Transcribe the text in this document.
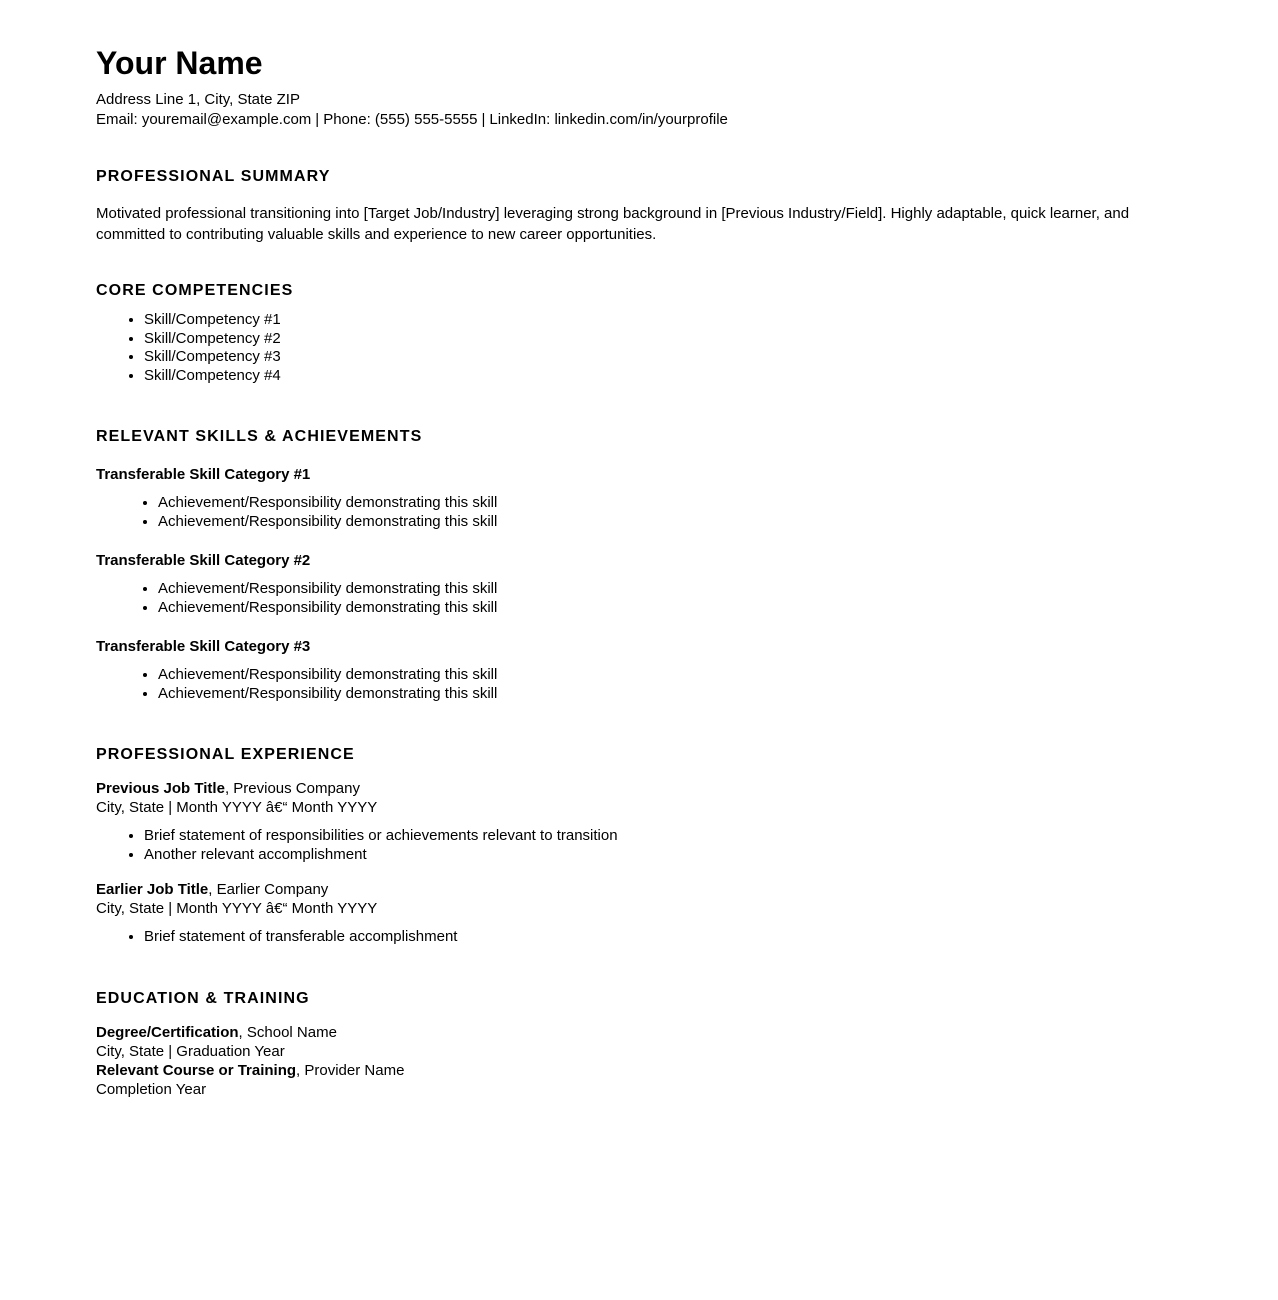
Your Name

Address Line 1, City, State ZIP

Email: youremail@example.com | Phone: (555) 555-5555 | LinkedIn: linkedin.com/in/yourprofile

PROFESSIONAL SUMMARY

Motivated professional transitioning into [Target Job/Industry] leveraging strong background in [Previous Industry/Field]. Highly adaptable, quick learner, and committed to contributing valuable skills and experience to new career opportunities.

CORE COMPETENCIES
• Skill/Competency #1
• Skill/Competency #2
• Skill/Competency #3
• Skill/Competency #4
RELEVANT SKILLS & ACHIEVEMENTS

Transferable Skill Category #1

• Achievement/Responsibility demonstrating this skill
• Achievement/Responsibility demonstrating this skill

Transferable Skill Category #2

• Achievement/Responsibility demonstrating this skill
• Achievement/Responsibility demonstrating this skill

Transferable Skill Category #3

• Achievement/Responsibility demonstrating this skill
• Achievement/Responsibility demonstrating this skill
PROFESSIONAL EXPERIENCE

Previous Job Title, Previous Company

City, State | Month YYYY â€“ Month YYYY

• Brief statement of responsibilities or achievements relevant to transition
• Another relevant accomplishment

Earlier Job Title, Earlier Company

City, State | Month YYYY â€“ Month YYYY

• Brief statement of transferable accomplishment
EDUCATION & TRAINING

Degree/Certification, School Name

City, State | Graduation Year

Relevant Course or Training, Provider Name

Completion Year
